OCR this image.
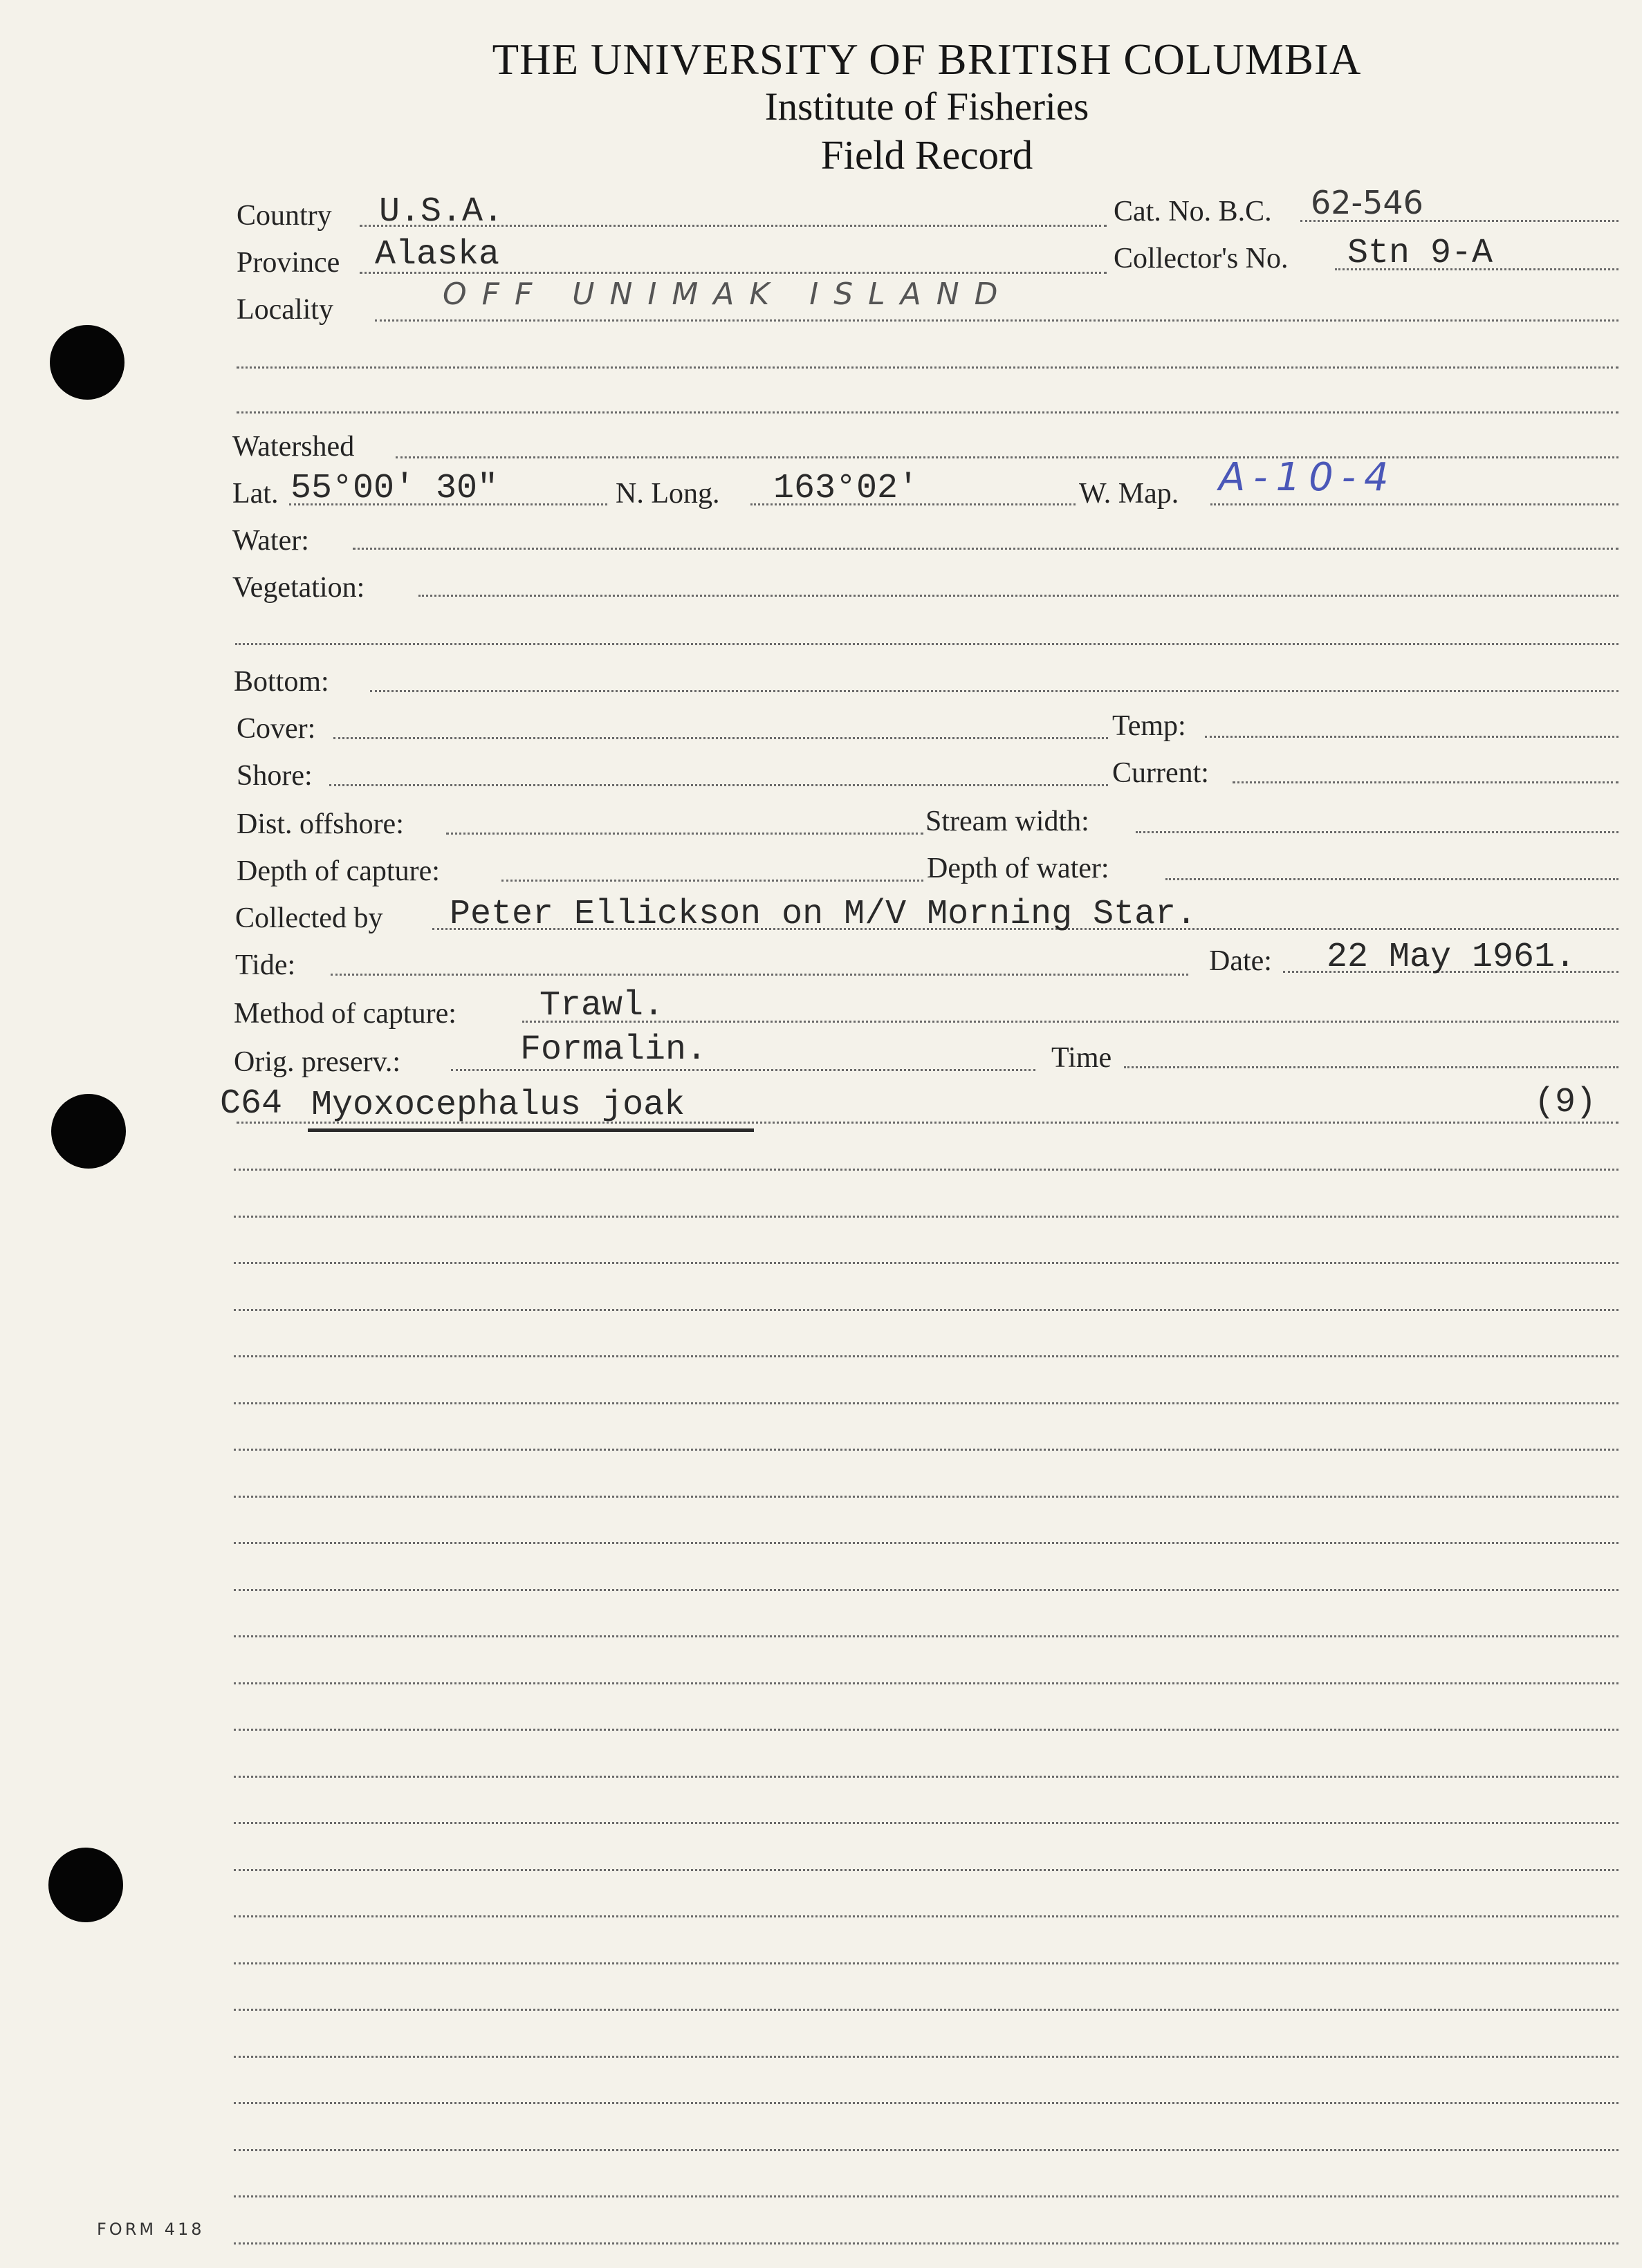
THE UNIVERSITY OF BRITISH COLUMBIA
Institute of Fisheries
Field Record
Country U.S.A.	Cat. No. B.C. 62-546
Province Alaska	Collector's No. Stn 9-A
Locality	OFF UNIMAK ISLAND
Watershed
Lat. 55°00' 30"	N. Long. 163°02'	W. Map. A-10-4
Water:
Vegetation:
Bottom:
Cover:	Temp:
Shore:	Current:
Dist. offshore:	Stream width:
Depth of capture:	Depth of water:
Collected by Peter Ellickson on M/V Morning Star.
Tide:	Date: 22 May 1961.
Method of capture: Trawl.
Orig. preserv.:	Formalin.	Time
C64 Myoxocephalus joak	(9)
FORM 418
